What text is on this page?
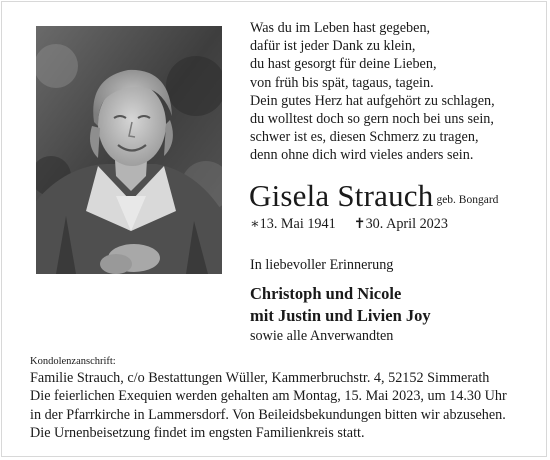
Was du im Leben hast gegeben,
dafür ist jeder Dank zu klein,
du hast gesorgt für deine Lieben,
von früh bis spät, tagaus, tagein.
Dein gutes Herz hat aufgehört zu schlagen,
du wolltest doch so gern noch bei uns sein,
schwer ist es, diesen Schmerz zu tragen,
denn ohne dich wird vieles anders sein.
Gisela Strauch geb. Bongard
∗13. Mai 1941 ✝30. April 2023
In liebevoller Erinnerung
Christoph und Nicole
mit Justin und Livien Joy
sowie alle Anverwandten
Kondolenzanschrift:
Familie Strauch, c/o Bestattungen Wüller, Kammerbruchstr. 4, 52152 Simmerath
Die feierlichen Exequien werden gehalten am Montag, 15. Mai 2023, um 14.30 Uhr
in der Pfarrkirche in Lammersdorf. Von Beileidsbekundungen bitten wir abzusehen.
Die Urnenbeisetzung findet im engsten Familienkreis statt.
